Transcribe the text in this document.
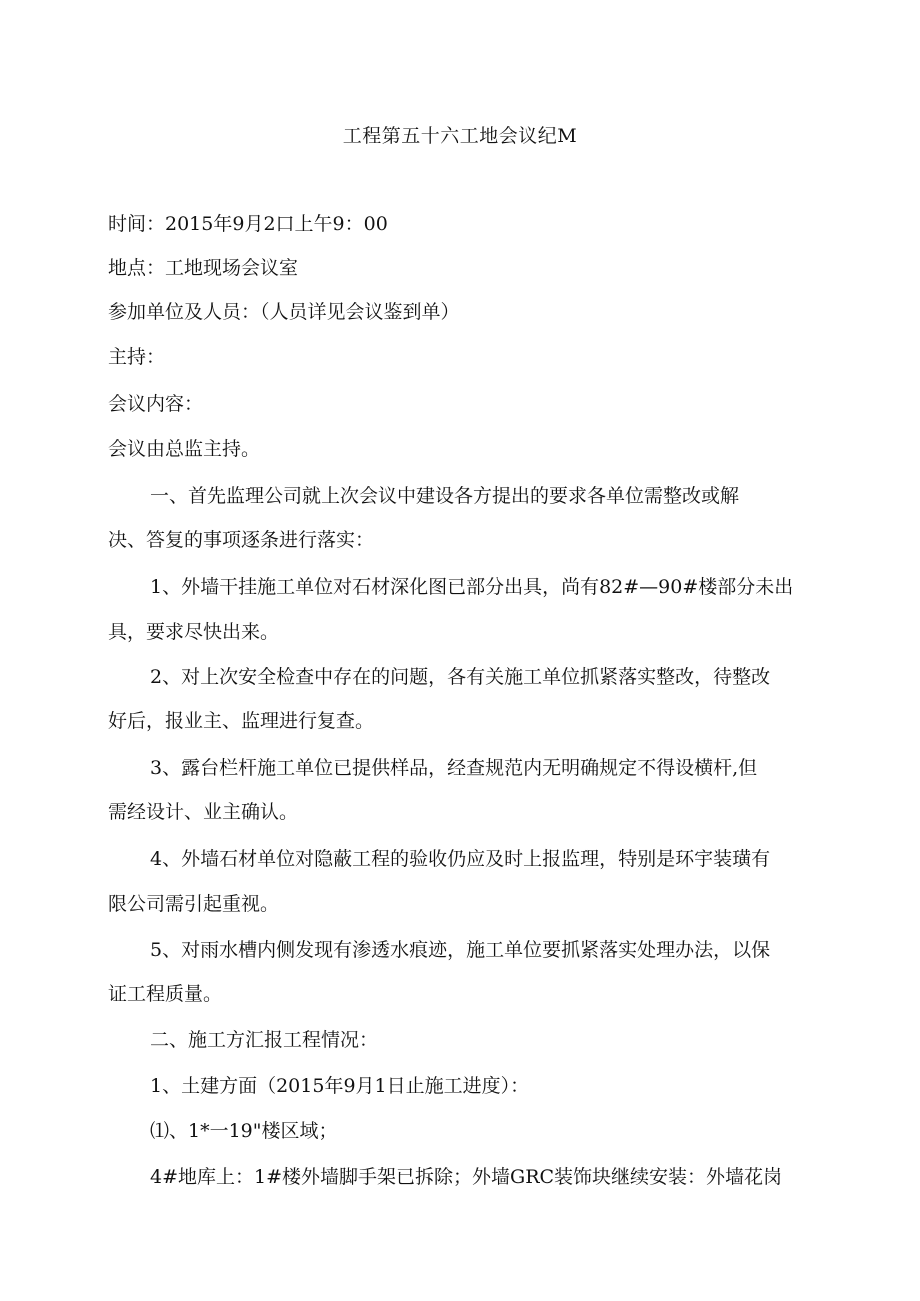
工程第五十六工地会议纪M
时间：2015年9月2口上午9：00
地点：工地现场会议室
参加单位及人员：（人员详见会议鉴到单）
主持：
会议内容：
会议由总监主持。
一、首先监理公司就上次会议中建设各方提出的要求各单位需整改或解
决、答复的事项逐条进行落实：
1、外墙干挂施工单位对石材深化图已部分出具，尚有82#—90#楼部分未出
具，要求尽快出来。
2、对上次安全检查中存在的问题，各有关施工单位抓紧落实整改，待整改
好后，报业主、监理进行复查。
3、露台栏杆施工单位已提供样品，经查规范内无明确规定不得设横杆,但
需经设计、业主确认。
4、外墙石材单位对隐蔽工程的验收仍应及时上报监理，特别是环宇装璜有
限公司需引起重视。
5、对雨水槽内侧发现有渗透水痕迹，施工单位要抓紧落实处理办法，以保
证工程质量。
二、施工方汇报工程情况：
1、土建方面（2015年9月1日止施工进度）：
⑴、1*一19"楼区域；
4#地库上：1#楼外墙脚手架已拆除；外墙GRC装饰块继续安装：外墙花岗
